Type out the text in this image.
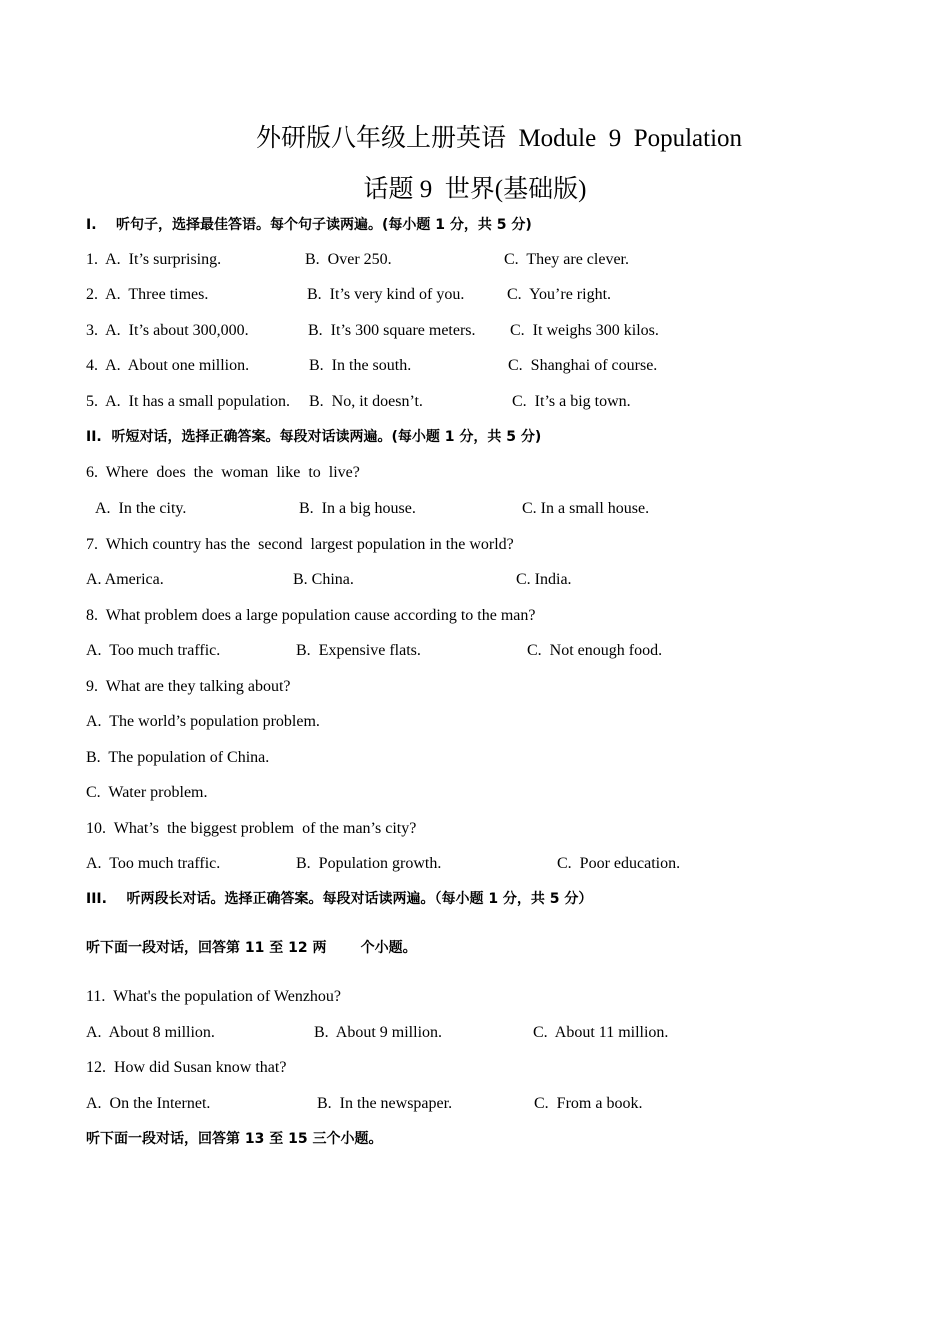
外研版八年级上册英语  Module  9  Population
话题 9  世界(基础版)
I.    听句子，选择最佳答语。每个句子读两遍。(每小题 1 分，共 5 分)
1.  A.  It’s surprising.	B.  Over 250.	C.  They are clever.
2.  A.  Three times.	B.  It’s very kind of you.	C.  You’re right.
3.  A.  It’s about 300,000.	B.  It’s 300 square meters. C.  It weighs 300 kilos.
4.  A.  About one million.	B.  In the south.	C.  Shanghai of course.
5.  A.  It has a small population. B.  No, it doesn’t.	C.  It’s a big town.
II.  听短对话，选择正确答案。每段对话读两遍。(每小题 1 分，共 5 分)
6.  Where  does  the  woman  like  to  live?
A.  In the city.	B.  In a big house.	C. In a small house.
7.  Which country has the  second  largest population in the world?
A. America.	B. China.	C. India.
8.  What problem does a large population cause according to the man?
A.  Too much traffic.	B.  Expensive flats.	C.  Not enough food.
9.  What are they talking about?
A.  The world’s population problem.
B.  The population of China.
C.  Water problem.
10.  What’s  the biggest problem  of the man’s city?
A.  Too much traffic.	B.  Population growth.	C.  Poor education.
III.    听两段长对话。选择正确答案。每段对话读两遍。（每小题 1 分，共 5 分）
听下面一段对话，回答第 11 至 12 两       个小题。
11.  What's the population of Wenzhou?
A.  About 8 million.	B.  About 9 million.	C.  About 11 million.
12.  How did Susan know that?
A.  On the Internet.	B.  In the newspaper.	C.  From a book.
听下面一段对话，回答第 13 至 15 三个小题。
